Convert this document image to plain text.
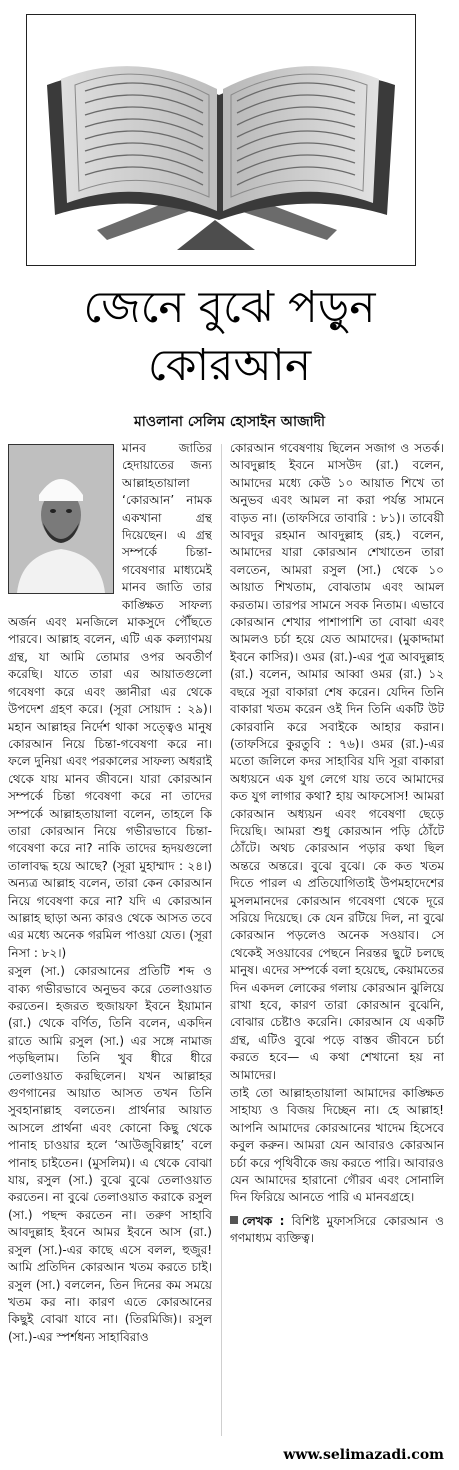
জেনে বুঝে পড়ুন
কোরআন
মাওলানা সেলিম হোসাইন আজাদী

মানব জাতির হেদায়াতের জন্য আল্লাহতায়ালা ‘কোরআন’ নামক একখানা গ্রন্থ দিয়েছেন। এ গ্রন্থ সম্পর্কে চিন্তা-গবেষণার মাধ্যমেই মানব জাতি তার কাঙ্ক্ষিত সাফল্য অর্জন এবং মনজিলে মাকসুদে পৌঁছতে পারবে। আল্লাহ বলেন, এটি এক কল্যাণময় গ্রন্থ, যা আমি তোমার ওপর অবতীর্ণ করেছি। যাতে তারা এর আয়াতগুলো গবেষণা করে এবং জ্ঞানীরা এর থেকে উপদেশ গ্রহণ করে। (সূরা সোয়াদ : ২৯)। মহান আল্লাহর নির্দেশ থাকা সত্ত্বেও মানুষ কোরআন নিয়ে চিন্তা-গবেষণা করে না। ফলে দুনিয়া এবং পরকালের সাফল্য অধরাই থেকে যায় মানব জীবনে। যারা কোরআন সম্পর্কে চিন্তা গবেষণা করে না তাদের সম্পর্কে আল্লাহতায়ালা বলেন, তাহলে কি তারা কোরআন নিয়ে গভীরভাবে চিন্তা-গবেষণা করে না? নাকি তাদের হৃদয়গুলো তালাবদ্ধ হয়ে আছে? (সূরা মুহাম্মাদ : ২৪।) অন্যত্র আল্লাহ বলেন, তারা কেন কোরআন নিয়ে গবেষণা করে না? যদি এ কোরআন আল্লাহ ছাড়া অন্য কারও থেকে আসত তবে এর মধ্যে অনেক গরমিল পাওয়া যেত। (সূরা নিসা : ৮২।)

রসুল (সা.) কোরআনের প্রতিটি শব্দ ও বাক্য গভীরভাবে অনুভব করে তেলাওয়াত করতেন। হজরত হুজায়ফা ইবনে ইয়ামান (রা.) থেকে বর্ণিত, তিনি বলেন, একদিন রাতে আমি রসুল (সা.) এর সঙ্গে নামাজ পড়ছিলাম। তিনি খুব ধীরে ধীরে তেলাওয়াত করছিলেন। যখন আল্লাহর গুণগানের আয়াত আসত তখন তিনি সুবহানাল্লাহ বলতেন। প্রার্থনার আয়াত আসলে প্রার্থনা এবং কোনো কিছু থেকে পানাহ চাওয়ার হলে ‘আউজুবিল্লাহ’ বলে পানাহ চাইতেন। (মুসলিম)। এ থেকে বোঝা যায়, রসুল (সা.) বুঝে বুঝে তেলাওয়াত করতেন। না বুঝে তেলাওয়াত করাকে রসুল (সা.) পছন্দ করতেন না। তরুণ সাহাবি আবদুল্লাহ ইবনে আমর ইবনে আস (রা.) রসুল (সা.)-এর কাছে এসে বলল, হুজুর! আমি প্রতিদিন কোরআন খতম করতে চাই। রসুল (সা.) বললেন, তিন দিনের কম সময়ে খতম কর না। কারণ এতে কোরআনের কিছুই বোঝা যাবে না। (তিরমিজি)। রসুল (সা.)-এর স্পর্শধন্য সাহাবিরাও

কোরআন গবেষণায় ছিলেন সজাগ ও সতর্ক। আবদুল্লাহ ইবনে মাসউদ (রা.) বলেন, আমাদের মধ্যে কেউ ১০ আয়াত শিখে তা অনুভব এবং আমল না করা পর্যন্ত সামনে বাড়ত না। (তাফসিরে তাবারি : ৮১)। তাবেয়ী আবদুর রহমান আবদুল্লাহ (রহ.) বলেন, আমাদের যারা কোরআন শেখাতেন তারা বলতেন, আমরা রসুল (সা.) থেকে ১০ আয়াত শিখতাম, বোঝতাম এবং আমল করতাম। তারপর সামনে সবক নিতাম। এভাবে কোরআন শেখার পাশাপাশি তা বোঝা এবং আমলও চর্চা হয়ে যেত আমাদের। (মুকাদ্দামা ইবনে কাসির)। ওমর (রা.)-এর পুত্র আবদুল্লাহ (রা.) বলেন, আমার আব্বা ওমর (রা.) ১২ বছরে সূরা বাকারা শেষ করেন। যেদিন তিনি বাকারা খতম করেন ওই দিন তিনি একটি উট কোরবানি করে সবাইকে আহার করান। (তাফসিরে কুরতুবি : ৭৬)। ওমর (রা.)-এর মতো জলিলে কদর সাহাবির যদি সূরা বাকারা অধ্যয়নে এক যুগ লেগে যায় তবে আমাদের কত যুগ লাগার কথা? হায় আফসোস! আমরা কোরআন অধ্যয়ন এবং গবেষণা ছেড়ে দিয়েছি। আমরা শুধু কোরআন পড়ি ঠোঁটে ঠোঁটে। অথচ কোরআন পড়ার কথা ছিল অন্তরে অন্তরে। বুঝে বুঝে। কে কত খতম দিতে পারল এ প্রতিযোগিতাই উপমহাদেশের মুসলমানদের কোরআন গবেষণা থেকে দূরে সরিয়ে দিয়েছে। কে যেন রটিয়ে দিল, না বুঝে কোরআন পড়লেও অনেক সওয়াব। সে থেকেই সওয়াবের পেছনে নিরন্তর ছুটে চলছে মানুষ। এদের সম্পর্কে বলা হয়েছে, কেয়ামতের দিন একদল লোকের গলায় কোরআন ঝুলিয়ে রাখা হবে, কারণ তারা কোরআন বুঝেনি, বোঝার চেষ্টাও করেনি। কোরআন যে একটি গ্রন্থ, এটিও বুঝে পড়ে বাস্তব জীবনে চর্চা করতে হবে— এ কথা শেখানো হয় না আমাদের।

তাই তো আল্লাহতায়ালা আমাদের কাঙ্ক্ষিত সাহায্য ও বিজয় দিচ্ছেন না। হে আল্লাহ! আপনি আমাদের কোরআনের খাদেম হিসেবে কবুল করুন। আমরা যেন আবারও কোরআন চর্চা করে পৃথিবীকে জয় করতে পারি। আবারও যেন আমাদের হারানো গৌরব এবং সোনালি দিন ফিরিয়ে আনতে পারি এ মানবগ্রহে।

লেখক : বিশিষ্ট মুফাসসিরে কোরআন ও গণমাধ্যম ব্যক্তিত্ব।
www.selimazadi.com
